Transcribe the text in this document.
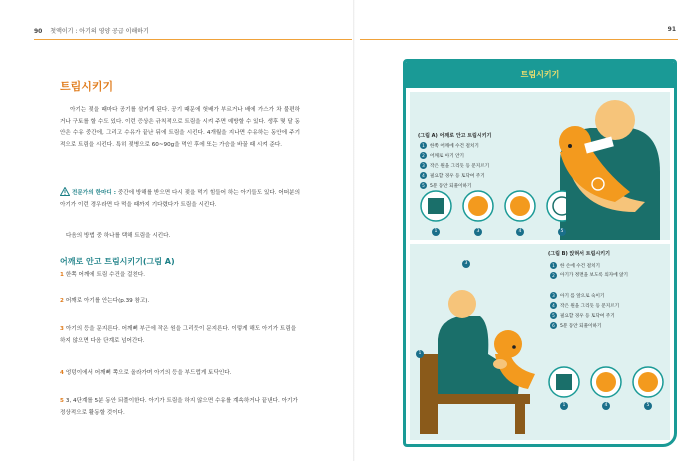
90 첫액이기 : 아기의 영양 공급 이해하기	91
트림시키기
아기는 젖을 때마다 공기를 삼키게 된다. 공기 때문에 헛배가 부르거나 배에 가스가 차 불편하거나 구토를 할 수도 있다. 이런 증상은 규칙적으로 트림을 시켜 주면 예방할 수 있다. 생후 몇 달 동안은 수유 중간에, 그리고 수유가 끝난 뒤에 트림을 시킨다. 4개월을 지나면 수유하는 동안에 주기적으로 트림을 시킨다. 특히 젖병으로 60~90g을 먹인 후에 또는 가슴을 바꿀 때 시켜 준다.
전문가의 한마디 : 중간에 방해를 받으면 다시 젖을 먹기 힘들어 하는 아기들도 있다. 어떠분의 아기가 이런 경우라면 다 먹을 때까지 기다렸다가 트림을 시킨다.
다음의 방법 중 하나를 택해 트림을 시킨다.
어깨로 안고 트림시키기(그림 A)
1 한쪽 어깨에 트림 수건을 걸친다.
2 어깨로 아기를 안는다(p.39 참고).
3 아기의 등을 문지른다. 어깨뼈 부근에 작은 원을 그리듯이 문지른다. 이렇게 해도 아기가 트림을 하지 않으면 다음 단계로 넘어간다.
4 엉덩이에서 어깨뼈 쪽으로 올라가며 아기의 등을 부드럽게 토닥인다.
5 3, 4단계를 5분 동안 되풀이한다. 아기가 트림을 하지 않으면 수유를 계속하거나 끝낸다. 아기가 정상적으로 활동할 것이다.
트림시키기
(그림 A) 어깨로 안고 트림시키기
1 한쪽 어깨에 수건 걸치기
2 어깨로 아기 안기
3 작은 원을 그리듯 등 문지르기
4 필요할 경우 등 토닥여 주기
5 5분 동안 되풀이하기
1	3	4	5
1
3
(그림 B) 앉혀서 트림시키기
1 한 손에 수건 걸치기
2 아기가 정면을 보도록 의자에 앉기
3 아기 를 앞으로 숙이기
4 작은 원을 그리듯 등 문지르기
5 필요할 경우 등 토닥여 주기
6 5분 동안 되풀이하기
1	4	5
